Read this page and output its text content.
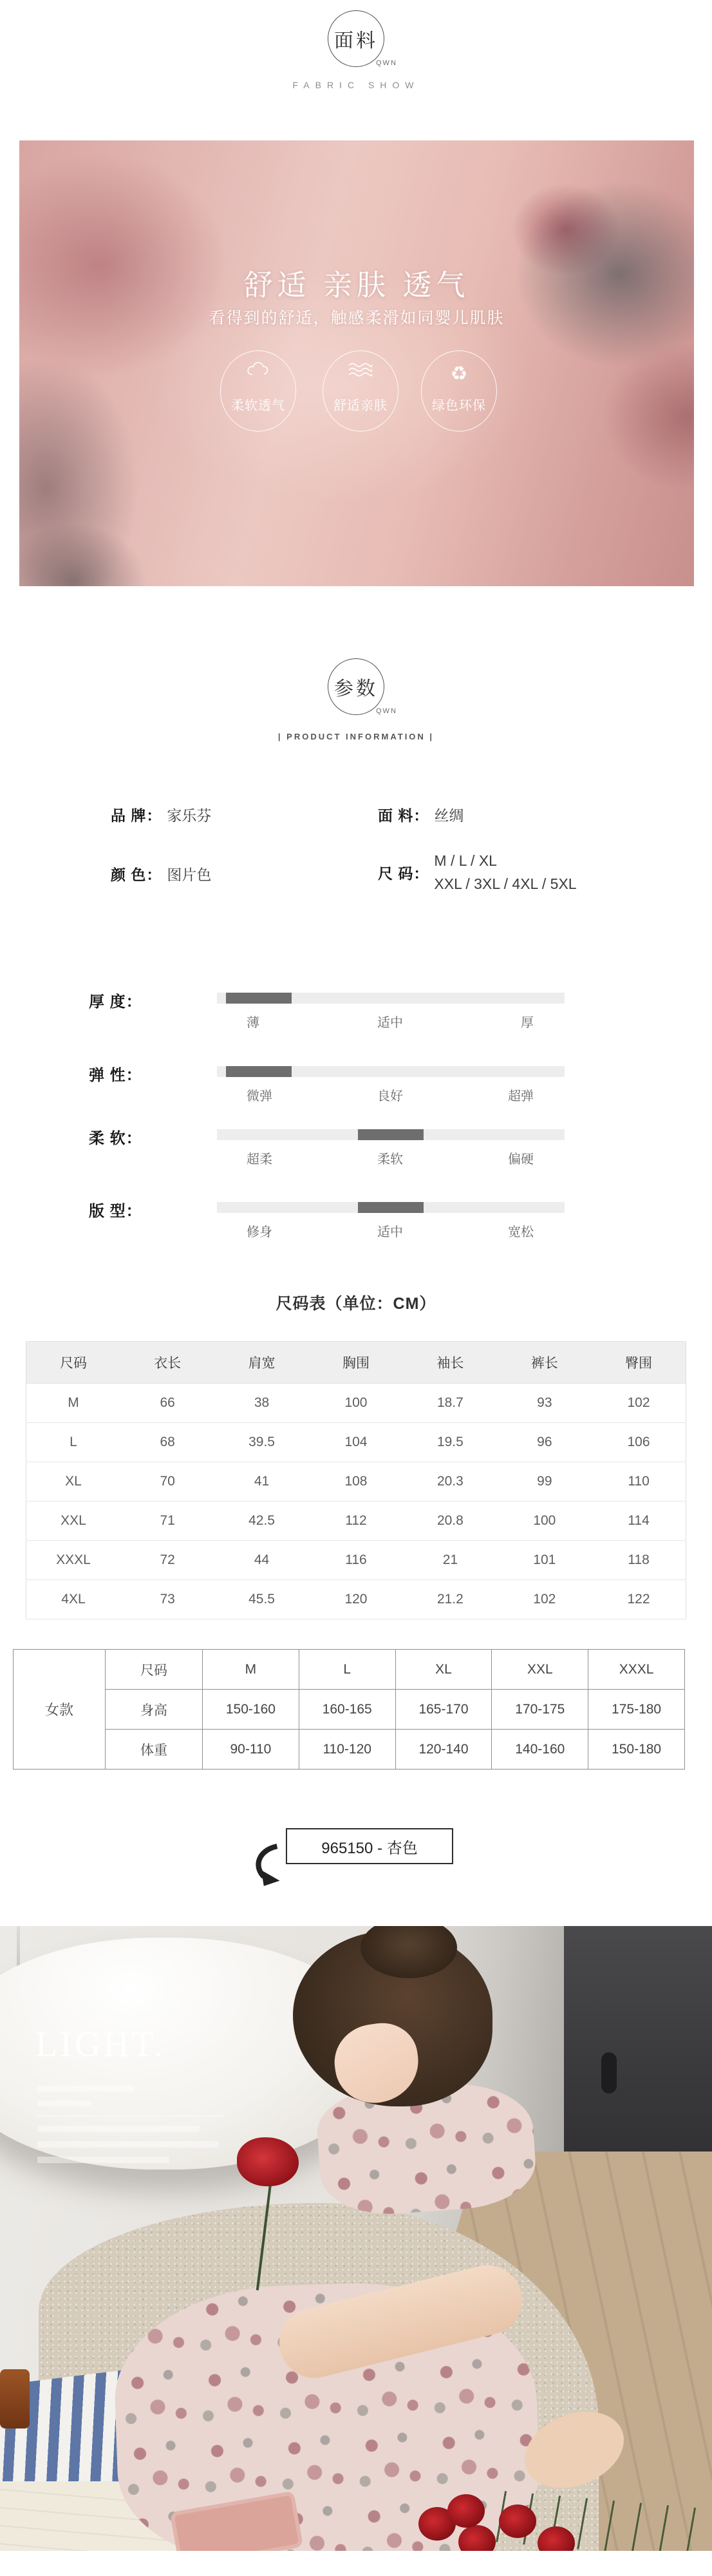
面料
QWN
FABRIC SHOW
舒适 亲肤 透气
看得到的舒适，触感柔滑如同婴儿肌肤
柔软透气	舒适亲肤
♻
绿色环保
参数
QWN
| PRODUCT INFORMATION |
品 牌： 家乐芬	面 料： 丝绸
颜 色： 图片色	尺 码：
M / L / XL
XXL / 3XL / 4XL / 5XL
厚 度：
薄	适中	厚
弹 性：
微弹	良好	超弹
柔 软：
超柔	柔软	偏硬
版 型：
修身	适中	宽松
尺码表（单位：CM）
尺码	衣长	肩宽	胸围	袖长	裤长	臀围
M	66	38	100	18.7	93	102
L	68	39.5	104	19.5	96	106
XL	70	41	108	20.3	99	110
XXL	71	42.5	112	20.8	100	114
XXXL	72	44	116	21	101	118
4XL	73	45.5	120	21.2	102	122
女款	尺码	M	L	XL	XXL	XXXL
	身高	150-160	160-165	165-170	170-175	175-180
	体重	90-110	110-120	120-140	140-160	150-180
965150 - 杏色
LIGHT.
